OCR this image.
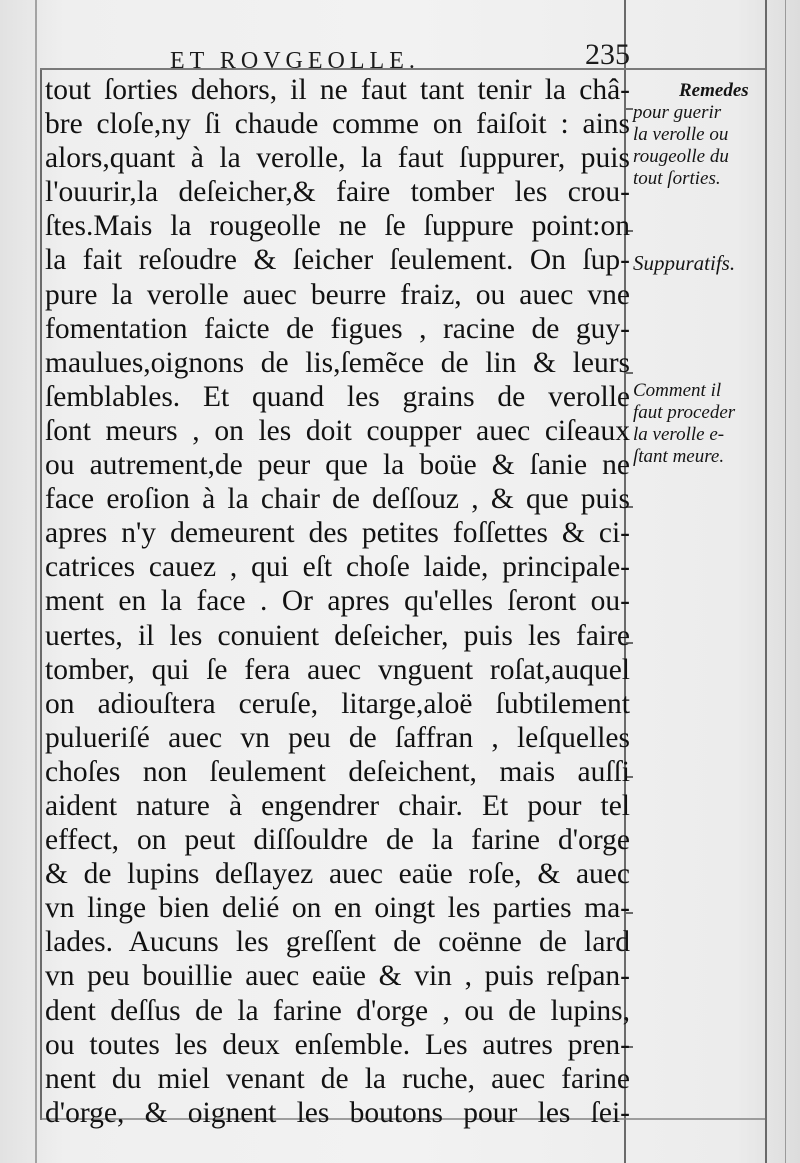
ET ROVGEOLLE.	235
tout ſorties dehors, il ne faut tant tenir la châ-
bre cloſe,ny ſi chaude comme on faiſoit : ains
alors,quant à la verolle, la faut ſuppurer, puis
l'ouurir,la deſeicher,& faire tomber les crou-
ſtes.Mais la rougeolle ne ſe ſuppure point:on
la fait reſoudre & ſeicher ſeulement. On ſup-
pure la verolle auec beurre fraiz, ou auec vne
fomentation faicte de figues , racine de guy-
maulues,oignons de lis,ſemẽce de lin & leurs
ſemblables. Et quand les grains de verolle
ſont meurs , on les doit coupper auec ciſeaux
ou autrement,de peur que la boüe & ſanie ne
face eroſion à la chair de deſſouz , & que puis
apres n'y demeurent des petites foſſettes & ci-
catrices cauez , qui eſt choſe laide, principale-
ment en la face . Or apres qu'elles ſeront ou-
uertes, il les conuient deſeicher, puis les faire
tomber, qui ſe fera auec vnguent roſat,auquel
on adiouſtera ceruſe, litarge,aloë ſubtilement
pulueriſé auec vn peu de ſaffran , leſquelles
choſes non ſeulement deſeichent, mais auſſi
aident nature à engendrer chair. Et pour tel
effect, on peut diſſouldre de la farine d'orge
& de lupins deſlayez auec eaüe roſe, & auec
vn linge bien delié on en oingt les parties ma-
lades. Aucuns les greſſent de coënne de lard
vn peu bouillie auec eaüe & vin , puis reſpan-
dent deſſus de la farine d'orge , ou de lupins,
ou toutes les deux enſemble. Les autres pren-
nent du miel venant de la ruche, auec farine
d'orge, & oignent les boutons pour les ſei-
Remedes
pour guerir
la verolle ou
rougeolle du
tout ſorties.
Suppuratifs.
Comment il
faut proceder
la verolle e-
ſtant meure.
